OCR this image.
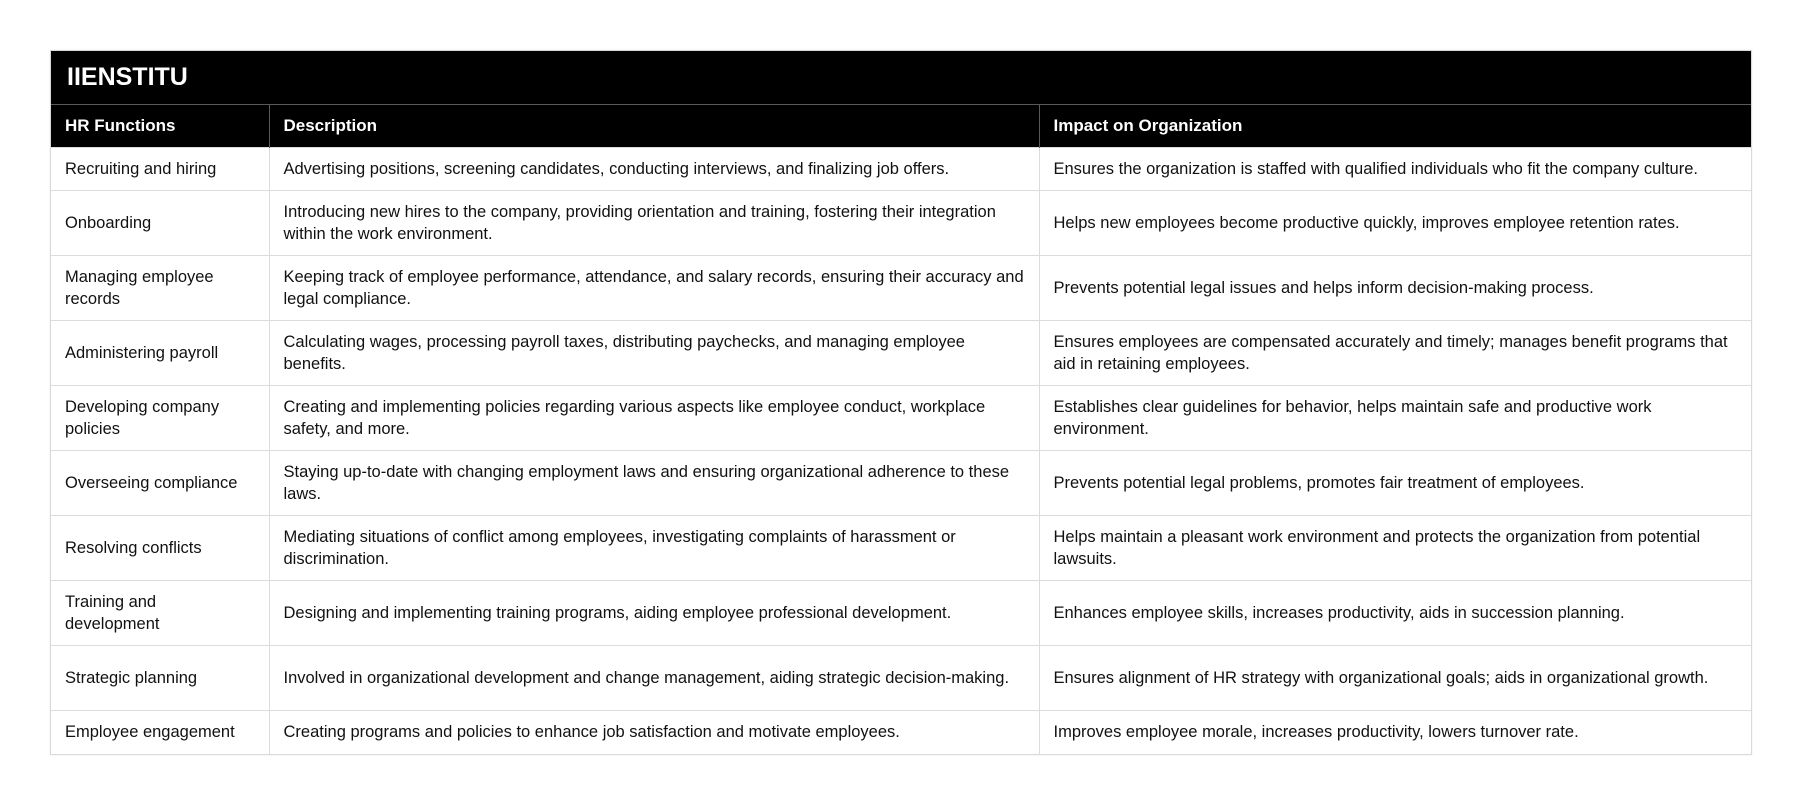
IIENSTITU		
HR Functions	Description	Impact on Organization
Recruiting and hiring	Advertising positions, screening candidates, conducting interviews, and finalizing job offers.	Ensures the organization is staffed with qualified individuals who fit the company culture.
Onboarding	Introducing new hires to the company, providing orientation and training, fostering their integration within the work environment.	Helps new employees become productive quickly, improves employee retention rates.
Managing employee records	Keeping track of employee performance, attendance, and salary records, ensuring their accuracy and legal compliance.	Prevents potential legal issues and helps inform decision-making process.
Administering payroll	Calculating wages, processing payroll taxes, distributing paychecks, and managing employee benefits.	Ensures employees are compensated accurately and timely; manages benefit programs that aid in retaining employees.
Developing company policies	Creating and implementing policies regarding various aspects like employee conduct, workplace safety, and more.	Establishes clear guidelines for behavior, helps maintain safe and productive work environment.
Overseeing compliance	Staying up-to-date with changing employment laws and ensuring organizational adherence to these laws.	Prevents potential legal problems, promotes fair treatment of employees.
Resolving conflicts	Mediating situations of conflict among employees, investigating complaints of harassment or discrimination.	Helps maintain a pleasant work environment and protects the organization from potential lawsuits.
Training and development	Designing and implementing training programs, aiding employee professional development.	Enhances employee skills, increases productivity, aids in succession planning.
Strategic planning	Involved in organizational development and change management, aiding strategic decision-making.	Ensures alignment of HR strategy with organizational goals; aids in organizational growth.
Employee engagement	Creating programs and policies to enhance job satisfaction and motivate employees.	Improves employee morale, increases productivity, lowers turnover rate.
